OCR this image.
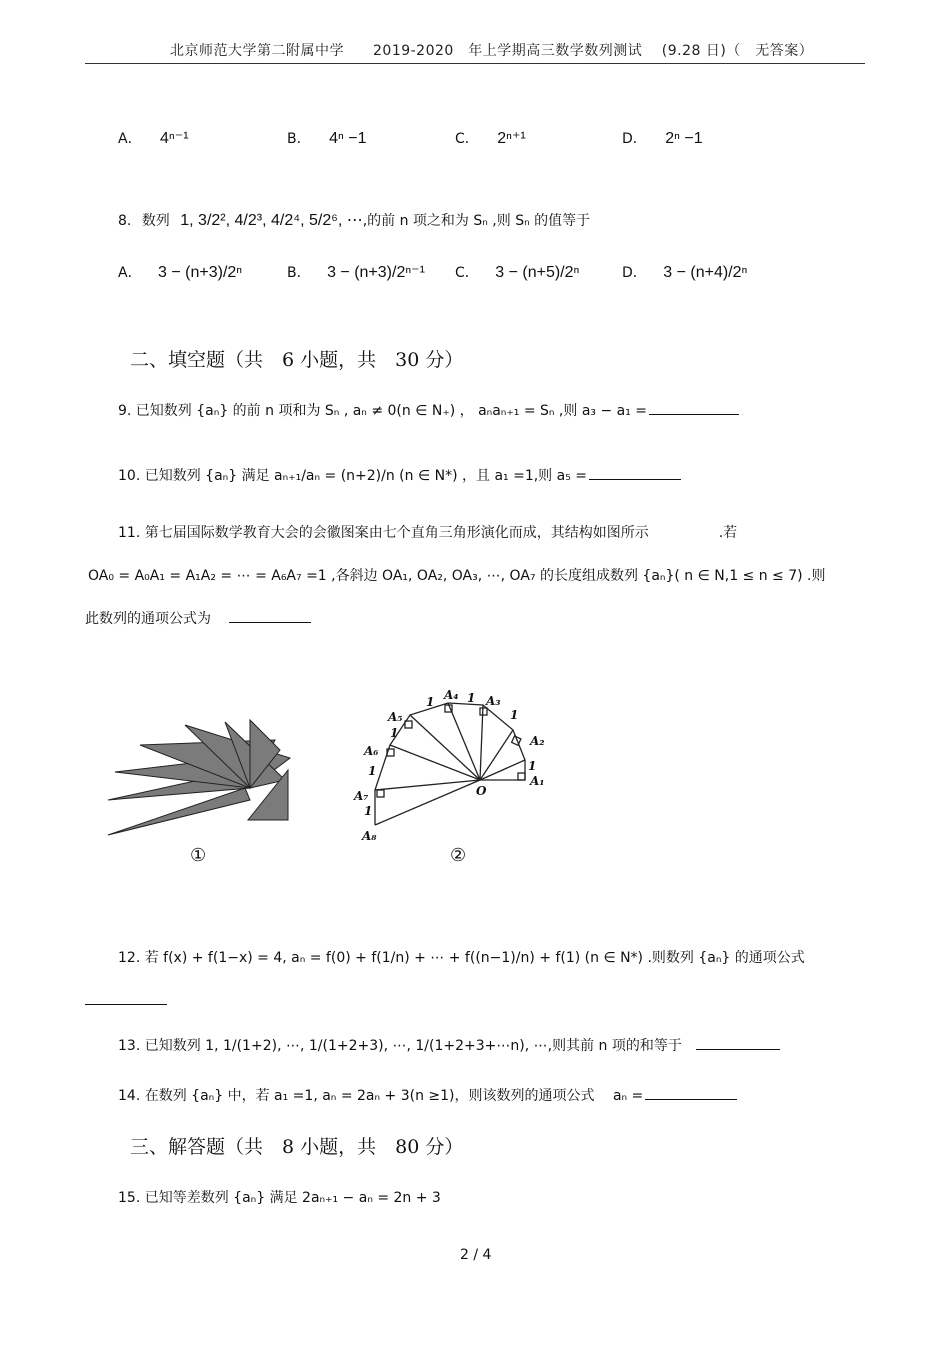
北京师范大学第二附属中学　　2019-2020　年上学期高三数学数列测试　 (9.28 日)（　无答案）
A． 4ⁿ⁻¹	B． 4ⁿ −1	C． 2ⁿ⁺¹	D． 2ⁿ −1
8. 数列 1, 3/2², 4/2³, 4/2⁴, 5/2⁶, ⋯,的前 n 项之和为 Sₙ ,则 Sₙ 的值等于
A． 3 − (n+3)/2ⁿ	B． 3 − (n+3)/2ⁿ⁻¹ C． 3 − (n+5)/2ⁿ	D． 3 − (n+4)/2ⁿ
二、填空题（共　6 小题，共　30 分）
9. 已知数列 {aₙ} 的前 n 项和为 Sₙ , aₙ ≠ 0(n ∈ N₊) ， aₙaₙ₊₁ = Sₙ ,则 a₃ − a₁ =
10. 已知数列 {aₙ} 满足 aₙ₊₁/aₙ = (n+2)/n (n ∈ N*) ，且 a₁ =1,则 a₅ =
11. 第七届国际数学教育大会的会徽图案由七个直角三角形演化而成，其结构如图所示　　　　　.若
OA₀ = A₀A₁ = A₁A₂ = ⋯ = A₆A₇ =1 ,各斜边 OA₁, OA₂, OA₃, ⋯, OA₇ 的长度组成数列 {aₙ}( n ∈ N,1 ≤ n ≤ 7) .则
此数列的通项公式为
①
A₁
A₂
A₃
A₄
A₅
A₆
A₇
A₈
O
1
1
1
1
1
1
1
②
12. 若 f(x) + f(1−x) = 4, aₙ = f(0) + f(1/n) + ⋯ + f((n−1)/n) + f(1) (n ∈ N*) .则数列 {aₙ} 的通项公式
13. 已知数列 1, 1/(1+2), ⋯, 1/(1+2+3), ⋯, 1/(1+2+3+⋯n), ⋯,则其前 n 项的和等于
14. 在数列 {aₙ} 中，若 a₁ =1, aₙ = 2aₙ + 3(n ≥1)，则该数列的通项公式　 aₙ =
三、解答题（共　8 小题，共　80 分）
15. 已知等差数列 {aₙ} 满足 2aₙ₊₁ − aₙ = 2n + 3
2 / 4
